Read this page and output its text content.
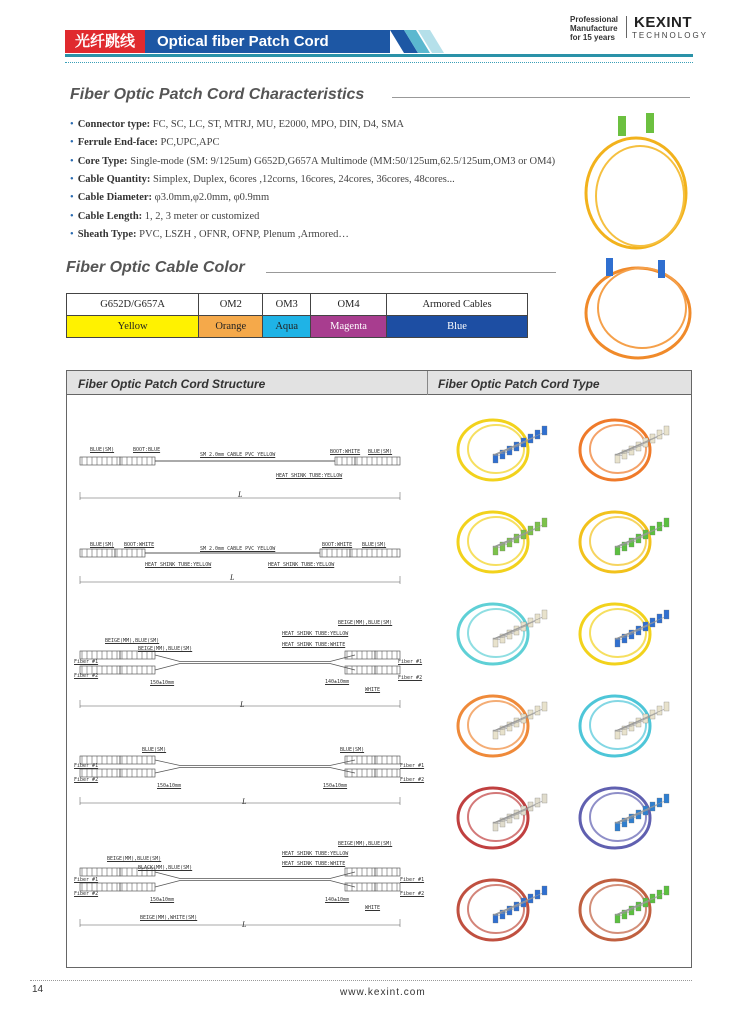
光纤跳线	Optical fiber Patch Cord
Professional
Manufacture
for 15 years
KEXINT
TECHNOLOGY
Fiber Optic Patch Cord Characteristics
• Connector type: FC, SC, LC, ST, MTRJ, MU, E2000, MPO, DIN, D4, SMA
• Ferrule End-face: PC,UPC,APC
• Core Type: Single-mode (SM: 9/125um) G652D,G657A Multimode (MM:50/125um,62.5/125um,OM3 or OM4)
• Cable Quantity: Simplex, Duplex, 6cores ,12corns, 16cores, 24cores, 36cores, 48cores...
• Cable Diameter: φ3.0mm,φ2.0mm, φ0.9mm
• Cable Length: 1, 2, 3 meter or customized
• Sheath Type: PVC, LSZH , OFNR, OFNP, Plenum ,Armored…
Fiber Optic Cable Color
G652D/G657A	OM2	OM3	OM4	Armored Cables
Yellow	Orange	Aqua	Magenta	Blue
Fiber Optic Patch Cord Structure	Fiber Optic Patch Cord Type
BLUE(SM)	BOOT:BLUE
SM 2.0mm CABLE PVC YELLOW	BOOT:WHITE BLUE(SM)
HEAT SHINK TUBE:YELLOW
L
BLUE(SM) BOOT:WHITE
SM 2.0mm CABLE PVC YELLOW
BOOT:WHITE BLUE(SM)
HEAT SHINK TUBE:YELLOW	HEAT SHINK TUBE:YELLOW
L
BEIGE(MM),BLUE(SM)
HEAT SHINK TUBE:YELLOW
HEAT SHINK TUBE:WHITE
BEIGE(MM),BLUE(SM)
BEIGE(MM),BLUE(SM)
Fiber #1
Fiber #2
Fiber #1
Fiber #2
150±10mm	140±10mm
WHITE
L
BLUE(SM)	BLUE(SM)
Fiber #1
Fiber #2
Fiber #1
Fiber #2
150±10mm	150±10mm
L
BEIGE(MM),BLUE(SM)
HEAT SHINK TUBE:YELLOW
HEAT SHINK TUBE:WHITE
BEIGE(MM),BLUE(SM)
BLACK(MM),BLUE(SM)
Fiber #1
Fiber #2
Fiber #1
Fiber #2
150±10mm	140±10mm
WHITE
BEIGE(MM),WHITE(SM)
L
14	www.kexint.com
